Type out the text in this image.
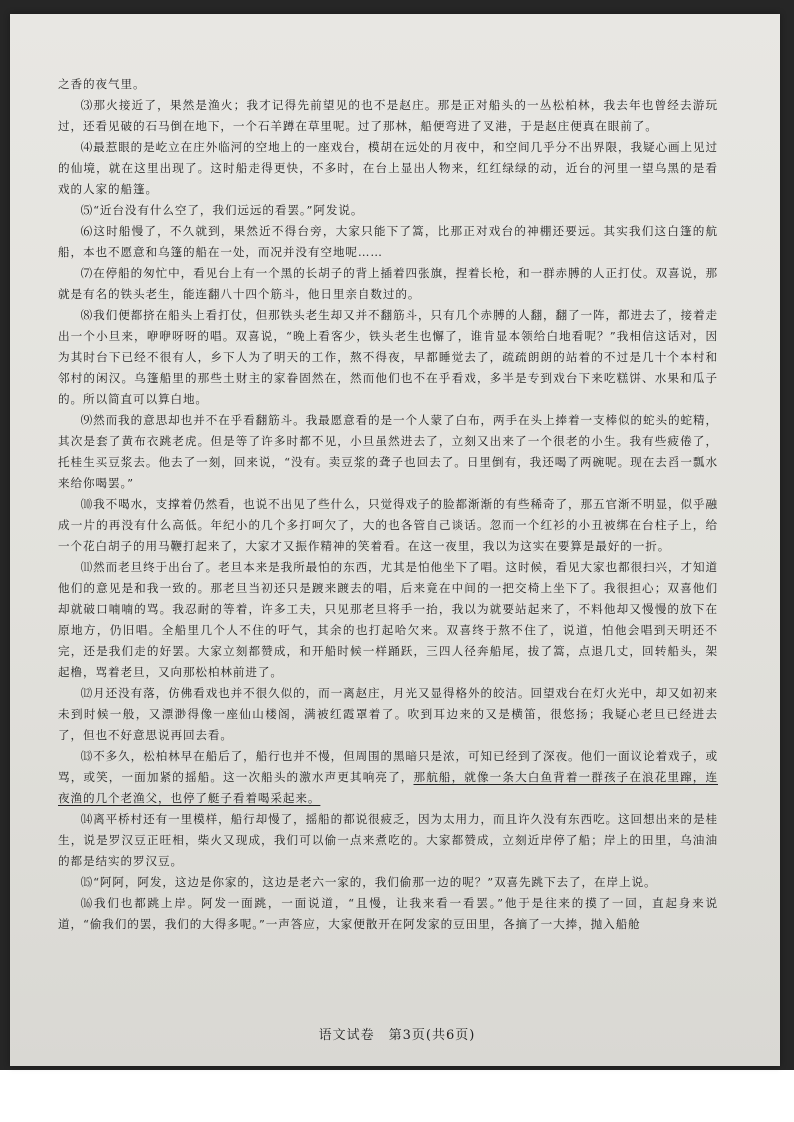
之香的夜气里。

⑶那火接近了，果然是渔火；我才记得先前望见的也不是赵庄。那是正对船头的一丛松柏林，我去年也曾经去游玩过，还看见破的石马倒在地下，一个石羊蹲在草里呢。过了那林，船便弯进了叉港，于是赵庄便真在眼前了。

⑷最惹眼的是屹立在庄外临河的空地上的一座戏台，模胡在远处的月夜中，和空间几乎分不出界限，我疑心画上见过的仙境，就在这里出现了。这时船走得更快，不多时，在台上显出人物来，红红绿绿的动，近台的河里一望乌黑的是看戏的人家的船篷。

⑸“近台没有什么空了，我们远远的看罢。”阿发说。

⑹这时船慢了，不久就到，果然近不得台旁，大家只能下了篙，比那正对戏台的神棚还要远。其实我们这白篷的航船，本也不愿意和乌篷的船在一处，而况并没有空地呢……

⑺在停船的匆忙中，看见台上有一个黑的长胡子的背上插着四张旗，捏着长枪，和一群赤膊的人正打仗。双喜说，那就是有名的铁头老生，能连翻八十四个筋斗，他日里亲自数过的。

⑻我们便都挤在船头上看打仗，但那铁头老生却又并不翻筋斗，只有几个赤膊的人翻，翻了一阵，都进去了，接着走出一个小旦来，咿咿呀呀的唱。双喜说，“晚上看客少，铁头老生也懈了，谁肯显本领给白地看呢？”我相信这话对，因为其时台下已经不很有人，乡下人为了明天的工作，熬不得夜，早都睡觉去了，疏疏朗朗的站着的不过是几十个本村和邻村的闲汉。乌篷船里的那些土财主的家眷固然在，然而他们也不在乎看戏，多半是专到戏台下来吃糕饼、水果和瓜子的。所以简直可以算白地。

⑼然而我的意思却也并不在乎看翻筋斗。我最愿意看的是一个人蒙了白布，两手在头上捧着一支棒似的蛇头的蛇精，其次是套了黄布衣跳老虎。但是等了许多时都不见，小旦虽然进去了，立刻又出来了一个很老的小生。我有些疲倦了，托桂生买豆浆去。他去了一刻，回来说，“没有。卖豆浆的聋子也回去了。日里倒有，我还喝了两碗呢。现在去舀一瓢水来给你喝罢。”

⑽我不喝水，支撑着仍然看，也说不出见了些什么，只觉得戏子的脸都渐渐的有些稀奇了，那五官渐不明显，似乎融成一片的再没有什么高低。年纪小的几个多打呵欠了，大的也各管自己谈话。忽而一个红衫的小丑被绑在台柱子上，给一个花白胡子的用马鞭打起来了，大家才又振作精神的笑着看。在这一夜里，我以为这实在要算是最好的一折。

⑾然而老旦终于出台了。老旦本来是我所最怕的东西，尤其是怕他坐下了唱。这时候，看见大家也都很扫兴，才知道他们的意见是和我一致的。那老旦当初还只是踱来踱去的唱，后来竟在中间的一把交椅上坐下了。我很担心；双喜他们却就破口喃喃的骂。我忍耐的等着，许多工夫，只见那老旦将手一抬，我以为就要站起来了，不料他却又慢慢的放下在原地方，仍旧唱。全船里几个人不住的吁气，其余的也打起哈欠来。双喜终于熬不住了，说道，怕他会唱到天明还不完，还是我们走的好罢。大家立刻都赞成，和开船时候一样踊跃，三四人径奔船尾，拔了篙，点退几丈，回转船头，架起橹，骂着老旦，又向那松柏林前进了。

⑿月还没有落，仿佛看戏也并不很久似的，而一离赵庄，月光又显得格外的皎洁。回望戏台在灯火光中，却又如初来未到时候一般，又漂渺得像一座仙山楼阁，满被红霞罩着了。吹到耳边来的又是横笛，很悠扬；我疑心老旦已经进去了，但也不好意思说再回去看。

⒀不多久，松柏林早在船后了，船行也并不慢，但周围的黑暗只是浓，可知已经到了深夜。他们一面议论着戏子，或骂，或笑，一面加紧的摇船。这一次船头的激水声更其响亮了，那航船，就像一条大白鱼背着一群孩子在浪花里蹿，连夜渔的几个老渔父，也停了艇子看着喝采起来。

⒁离平桥村还有一里模样，船行却慢了，摇船的都说很疲乏，因为太用力，而且许久没有东西吃。这回想出来的是桂生，说是罗汉豆正旺相，柴火又现成，我们可以偷一点来煮吃的。大家都赞成，立刻近岸停了船；岸上的田里，乌油油的都是结实的罗汉豆。

⒂“阿阿，阿发，这边是你家的，这边是老六一家的，我们偷那一边的呢？”双喜先跳下去了，在岸上说。

⒃我们也都跳上岸。阿发一面跳，一面说道，“且慢，让我来看一看罢。”他于是往来的摸了一回，直起身来说道，“偷我们的罢，我们的大得多呢。”一声答应，大家便散开在阿发家的豆田里，各摘了一大捧，抛入船舱

语文试卷　第3页(共6页)
